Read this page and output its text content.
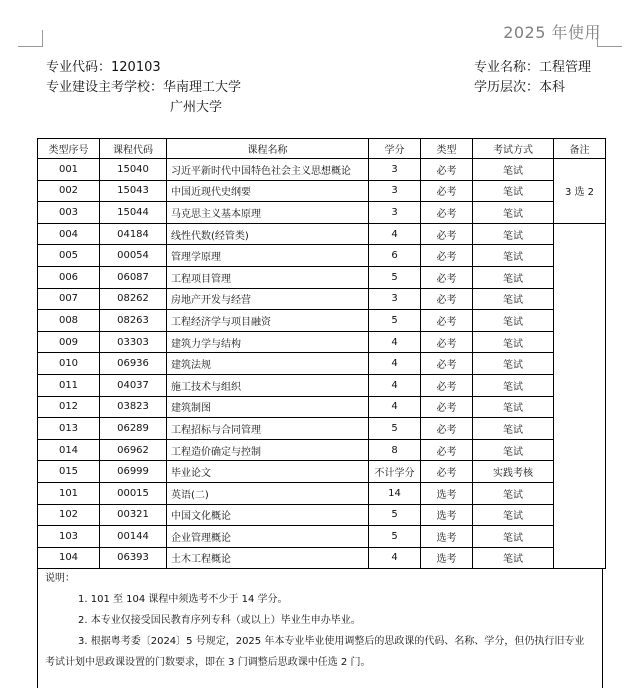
2025 年使用
专业代码： 120103
专业建设主考学校： 华南理工大学
广州大学
专业名称： 工程管理
学历层次： 本科
类型序号	课程代码	课程名称	学分	类型	考试方式	备注
001	15040	习近平新时代中国特色社会主义思想概论	3	必考	笔试	3 选 2
002	15043	中国近现代史纲要	3	必考	笔试	
003	15044	马克思主义基本原理	3	必考	笔试	
004	04184	线性代数(经管类)	4	必考	笔试	
005	00054	管理学原理	6	必考	笔试	
006	06087	工程项目管理	5	必考	笔试	
007	08262	房地产开发与经营	3	必考	笔试	
008	08263	工程经济学与项目融资	5	必考	笔试	
009	03303	建筑力学与结构	4	必考	笔试	
010	06936	建筑法规	4	必考	笔试	
011	04037	施工技术与组织	4	必考	笔试	
012	03823	建筑制图	4	必考	笔试	
013	06289	工程招标与合同管理	5	必考	笔试	
014	06962	工程造价确定与控制	8	必考	笔试	
015	06999	毕业论文	不计学分	必考	实践考核	
101	00015	英语(二)	14	选考	笔试	
102	00321	中国文化概论	5	选考	笔试	
103	00144	企业管理概论	5	选考	笔试	
104	06393	土木工程概论	4	选考	笔试	
说明：
1. 101 至 104 课程中须选考不少于 14 学分。
2. 本专业仅接受国民教育序列专科（或以上）毕业生申办毕业。
3. 根据粤考委〔2024〕5 号规定，2025 年本专业毕业使用调整后的思政课的代码、名称、学分，但仍执行旧专业
考试计划中思政课设置的门数要求，即在 3 门调整后思政课中任选 2 门。
